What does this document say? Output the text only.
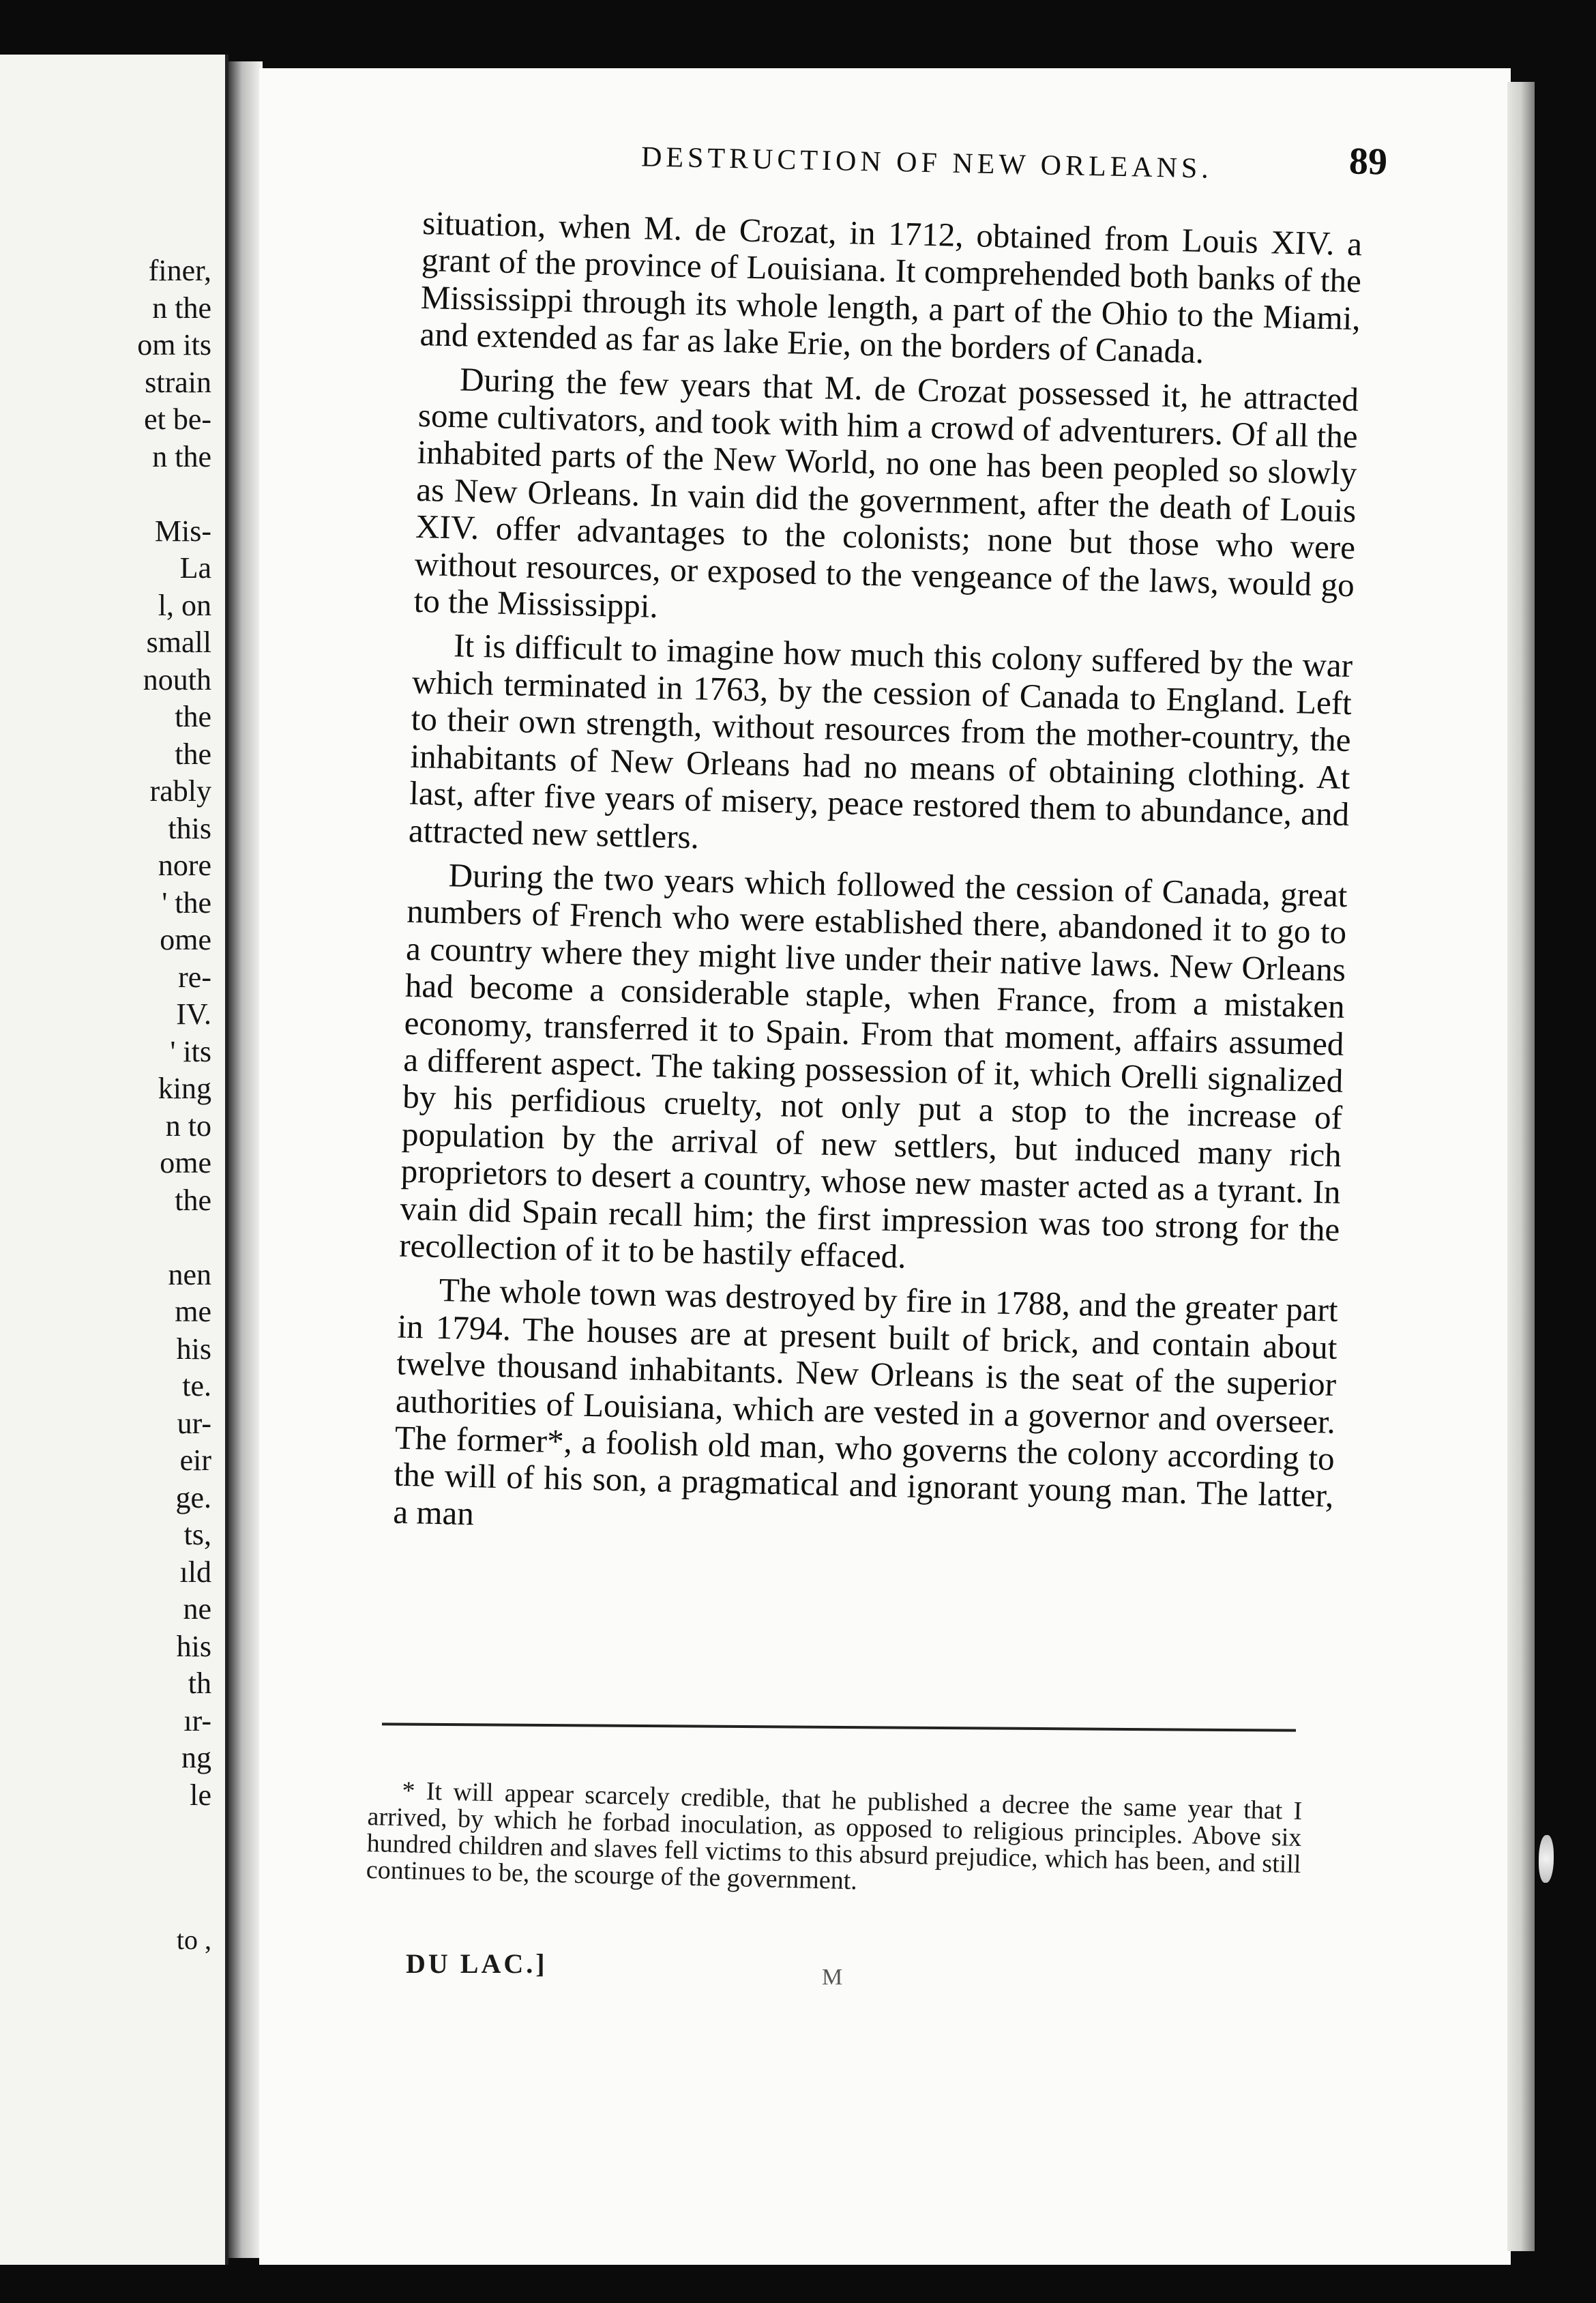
finer,
n the
om its
strain
et be-
n the
Mis-
La
l, on
small
nouth
the
the
rably
this
nore
' the
ome
re-
IV.
' its
king
n to
ome
the
nen
me
his
te.
ur-
eir
ge.
ts,
ıld
ne
his
th
ır-
ng
le
to ,
DESTRUCTION OF NEW ORLEANS.	89

situation, when M. de Crozat, in 1712, obtained from Louis XIV. a grant of the province of Louisiana. It comprehended both banks of the Mississippi through its whole length, a part of the Ohio to the Miami, and extended as far as lake Erie, on the borders of Canada.

During the few years that M. de Crozat possessed it, he attracted some cultivators, and took with him a crowd of adventurers. Of all the inhabited parts of the New World, no one has been peopled so slowly as New Orleans. In vain did the government, after the death of Louis XIV. offer advantages to the colonists; none but those who were without resources, or exposed to the vengeance of the laws, would go to the Mississippi.

It is difficult to imagine how much this colony suffered by the war which terminated in 1763, by the cession of Canada to England. Left to their own strength, without resources from the mother-country, the inhabitants of New Orleans had no means of obtaining clothing. At last, after five years of misery, peace restored them to abundance, and attracted new settlers.

During the two years which followed the cession of Canada, great numbers of French who were established there, abandoned it to go to a country where they might live under their native laws. New Orleans had become a considerable staple, when France, from a mistaken economy, transferred it to Spain. From that moment, affairs assumed a different aspect. The taking possession of it, which Orelli signalized by his perfidious cruelty, not only put a stop to the increase of population by the arrival of new settlers, but induced many rich proprietors to desert a country, whose new master acted as a tyrant. In vain did Spain recall him; the first impression was too strong for the recollection of it to be hastily effaced.

The whole town was destroyed by fire in 1788, and the greater part in 1794. The houses are at present built of brick, and contain about twelve thousand inhabitants. New Orleans is the seat of the superior authorities of Louisiana, which are vested in a governor and overseer. The former*, a foolish old man, who governs the colony according to the will of his son, a pragmatical and ignorant young man. The latter, a man

* It will appear scarcely credible, that he published a decree the same year that I arrived, by which he forbad inoculation, as opposed to religious principles. Above six hundred children and slaves fell victims to this absurd prejudice, which has been, and still continues to be, the scourge of the government.

DU LAC.]	M
